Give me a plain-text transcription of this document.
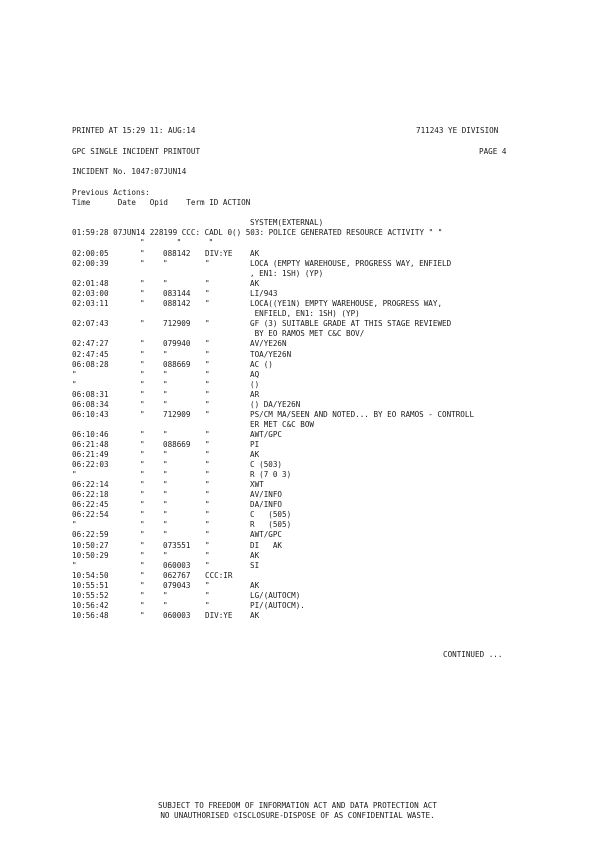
PRINTED AT 15:29 11: AUG:14	711243 YE DIVISION
GPC SINGLE INCIDENT PRINTOUT	PAGE 4
INCIDENT No. 1047:07JUN14
Previous Actions:
Time      Date   Opid    Term ID ACTION
SYSTEM(EXTERNAL)
01:59:28 07JUN14 228199 CCC: CADL 0() 503: POLICE GENERATED RESOURCE ACTIVITY " "
"       "      "
02:00:05	" 088142 DIV:YE AK
02:00:39	" "	"	LOCA (EMPTY WAREHOUSE, PROGRESS WAY, ENFIELD
, EN1: 1SH) (YP)
02:01:48	" "	"	AK
02:03:00	" 083144 "	LI/943
02:03:11	" 088142 "	LOCA((YE1N) EMPTY WAREHOUSE, PROGRESS WAY,
ENFIELD, EN1: 1SH) (YP)
02:07:43	" 712909 "	GF (3) SUITABLE GRADE AT THIS STAGE REVIEWED
BY EO RAMOS MET C&C BOV/
02:47:27	" 079940 "	AV/YE26N
02:47:45	" "	"	TOA/YE26N
06:08:28	" 088669 "	AC ()
"	" "	"	AQ
"	" "	"	()
06:08:31	" "	"	AR
06:08:34	" "	"	() DA/YE26N
06:10:43	" 712909 "	PS/CM MA/SEEN AND NOTED... BY EO RAMOS - CONTROLL
ER MET C&C BOW
06:10:46	" "	"	AWT/GPC
06:21:48	" 088669 "	PI
06:21:49	" "	"	AK
06:22:03	" "	"	C (503)
"	" "	"	R (7 0 3)
06:22:14	" "	"	XWT
06:22:18	" "	"	AV/INFO
06:22:45	" "	"	DA/INFO
06:22:54	" "	"	C   (505)
"	" "	"	R   (505)
06:22:59	" "	"	AWT/GPC
10:50:27	" 073551 "	DI   AK
10:50:29	" "	"	AK
"	" 060003 "	SI
10:54:50	" 062767 CCC:IR
10:55:51	" 079043 "	AK
10:55:52	" "	"	LG/(AUTOCM)
10:56:42	" "	"	PI/(AUTOCM).
10:56:48	" 060003 DIV:YE AK
CONTINUED ...
SUBJECT TO FREEDOM OF INFORMATION ACT AND DATA PROTECTION ACT
NO UNAUTHORISED ©ISCLOSURE-DISPOSE OF AS CONFIDENTIAL WASTE.
